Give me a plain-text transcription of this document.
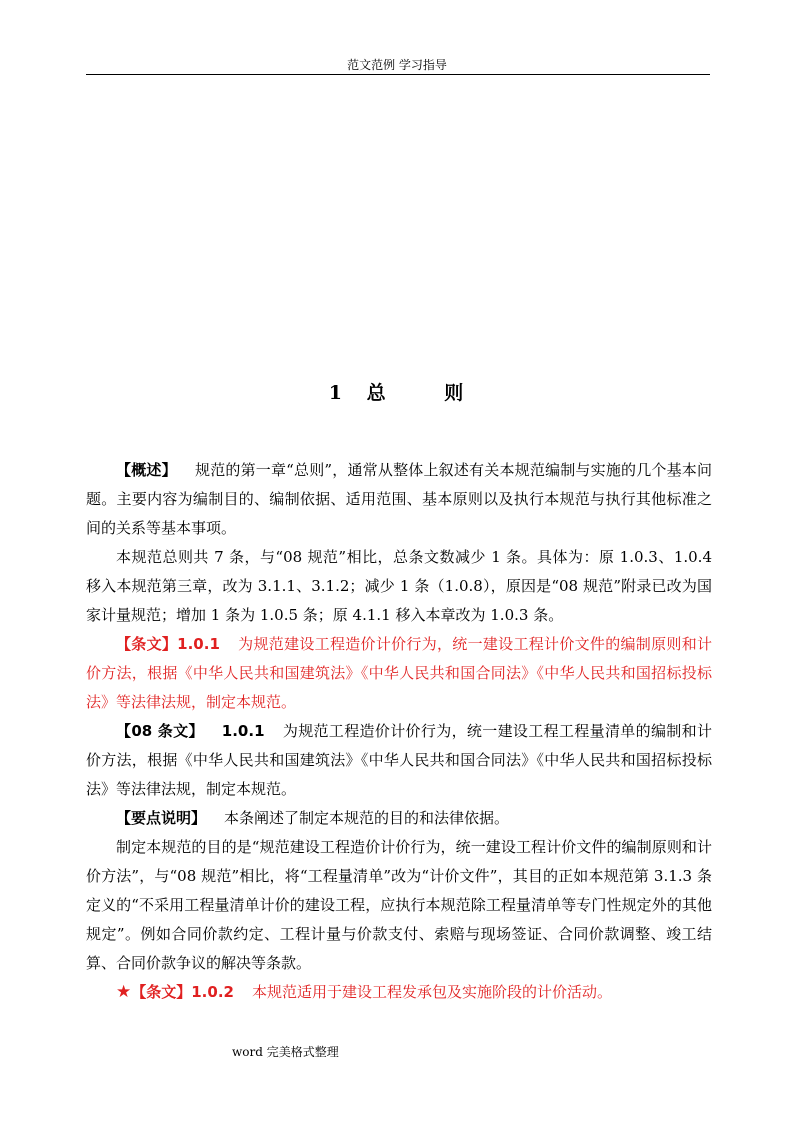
范文范例 学习指导
1 总	则

【概述】 规范的第一章“总则”，通常从整体上叙述有关本规范编制与实施的几个基本问题。主要内容为编制目的、编制依据、适用范围、基本原则以及执行本规范与执行其他标准之间的关系等基本事项。

本规范总则共 7 条，与“08 规范”相比，总条文数减少 1 条。具体为：原 1.0.3、1.0.4 移入本规范第三章，改为 3.1.1、3.1.2；减少 1 条（1.0.8），原因是“08 规范”附录已改为国家计量规范；增加 1 条为 1.0.5 条；原 4.1.1 移入本章改为 1.0.3 条。

【条文】1.0.1 为规范建设工程造价计价行为，统一建设工程计价文件的编制原则和计价方法，根据《中华人民共和国建筑法》《中华人民共和国合同法》《中华人民共和国招标投标法》等法律法规，制定本规范。

【08 条文】 1.0.1 为规范工程造价计价行为，统一建设工程工程量清单的编制和计价方法，根据《中华人民共和国建筑法》《中华人民共和国合同法》《中华人民共和国招标投标法》等法律法规，制定本规范。

【要点说明】 本条阐述了制定本规范的目的和法律依据。

制定本规范的目的是“规范建设工程造价计价行为，统一建设工程计价文件的编制原则和计价方法”，与“08 规范”相比，将“工程量清单”改为“计价文件”，其目的正如本规范第 3.1.3 条定义的“不采用工程量清单计价的建设工程，应执行本规范除工程量清单等专门性规定外的其他规定”。例如合同价款约定、工程计量与价款支付、索赔与现场签证、合同价款调整、竣工结算、合同价款争议的解决等条款。

★【条文】1.0.2 本规范适用于建设工程发承包及实施阶段的计价活动。

word 完美格式整理
